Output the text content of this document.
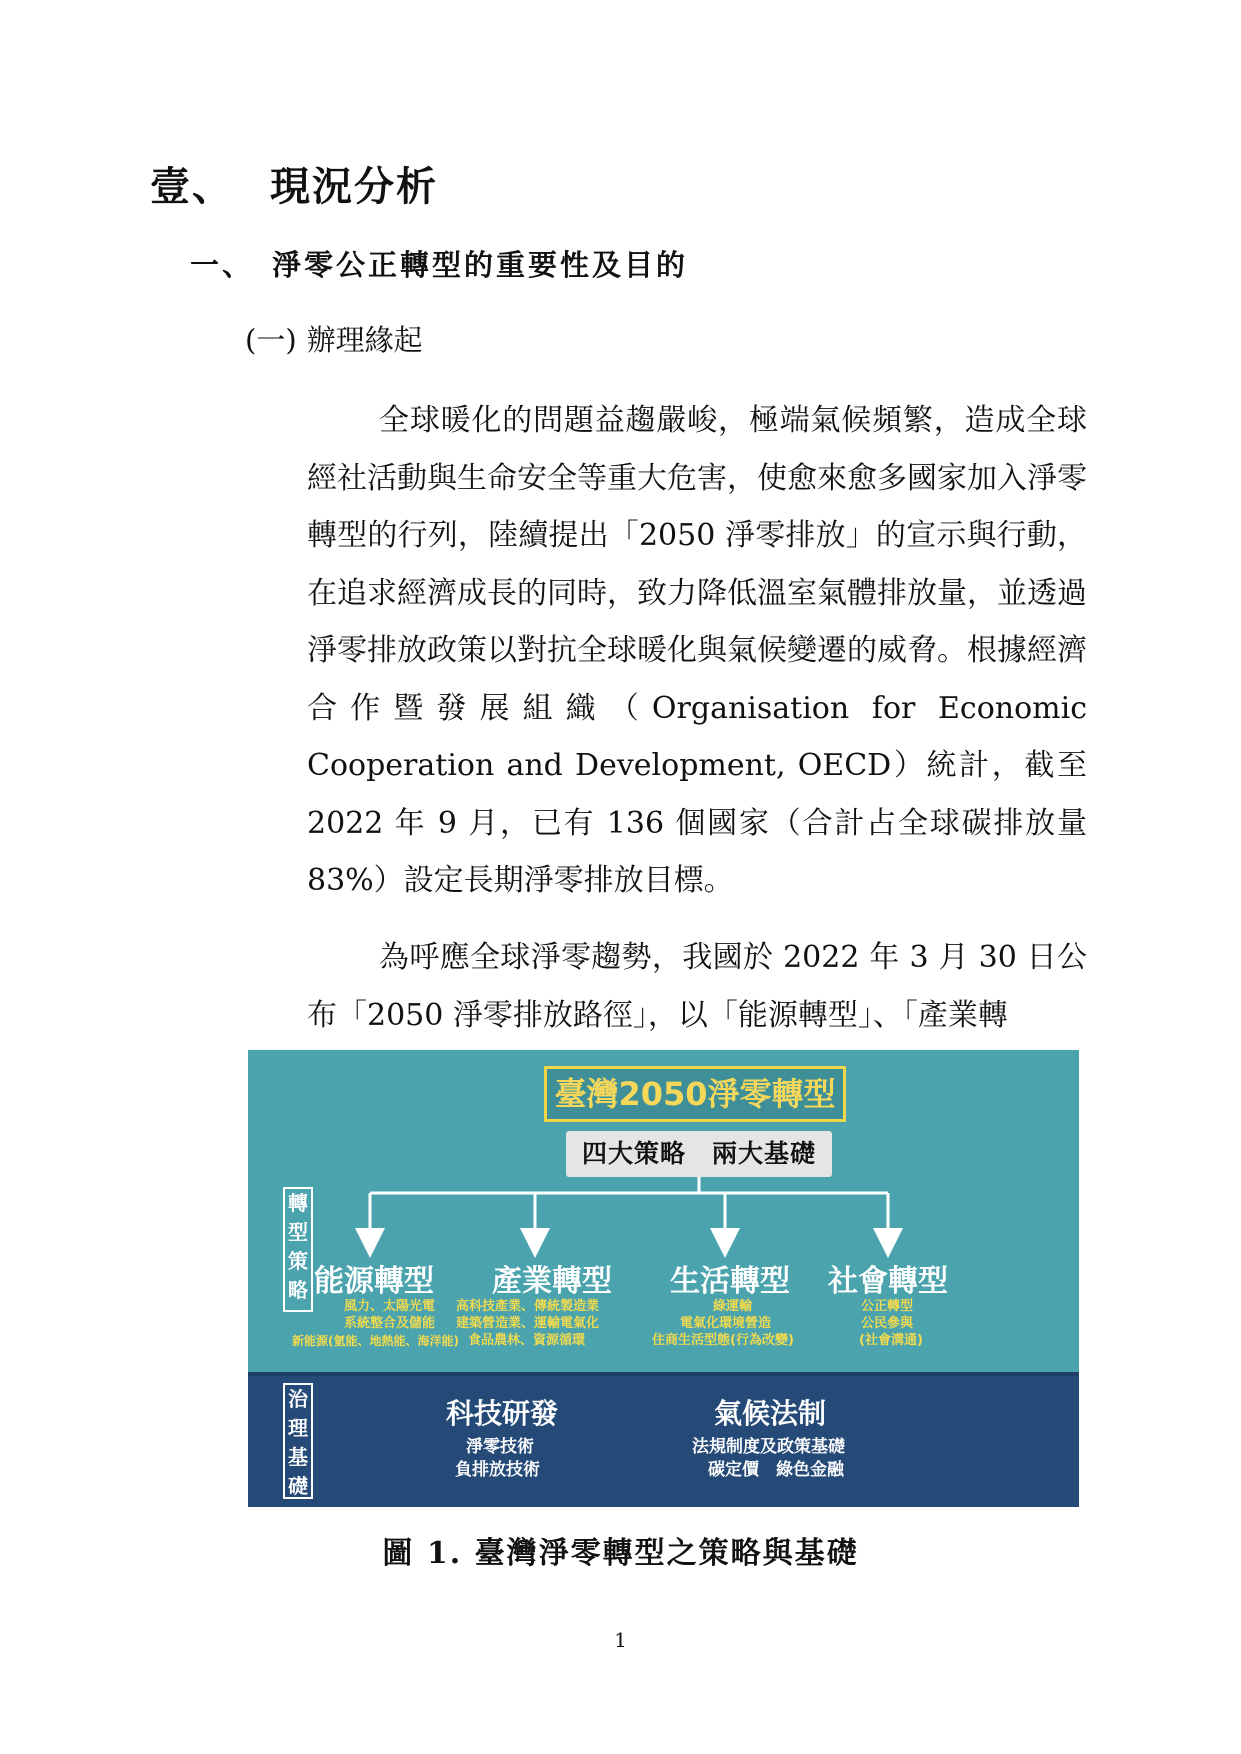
壹、 現況分析
一、 淨零公正轉型的重要性及目的
(一) 辦理緣起

全球暖化的問題益趨嚴峻，極端氣候頻繁，造成全球經社活動與生命安全等重大危害，使愈來愈多國家加入淨零轉型的行列，陸續提出「2050 淨零排放」的宣示與行動，在追求經濟成長的同時，致力降低溫室氣體排放量，並透過淨零排放政策以對抗全球暖化與氣候變遷的威脅。根據經濟合作暨發展組織（Organisation for Economic Cooperation and Development, OECD）統計，截至 2022 年 9 月，已有 136 個國家（合計占全球碳排放量 83%）設定長期淨零排放目標。

為呼應全球淨零趨勢，我國於 2022 年 3 月 30 日公布「2050 淨零排放路徑」，以「能源轉型」、「產業轉

臺灣2050淨零轉型
四大策略　兩大基礎
轉型策略
治理基礎
能源轉型
風力、太陽光電
系統整合及儲能
新能源(氫能、地熱能、海洋能)
產業轉型
高科技產業、傳統製造業
建築營造業、運輸電氣化
食品農林、資源循環
生活轉型
綠運輸
電氣化環境營造
住商生活型態(行為改變)
社會轉型
公正轉型
公民參與
(社會溝通)
科技研發
淨零技術
負排放技術
氣候法制
法規制度及政策基礎
碳定價　綠色金融
圖 1. 臺灣淨零轉型之策略與基礎
1
